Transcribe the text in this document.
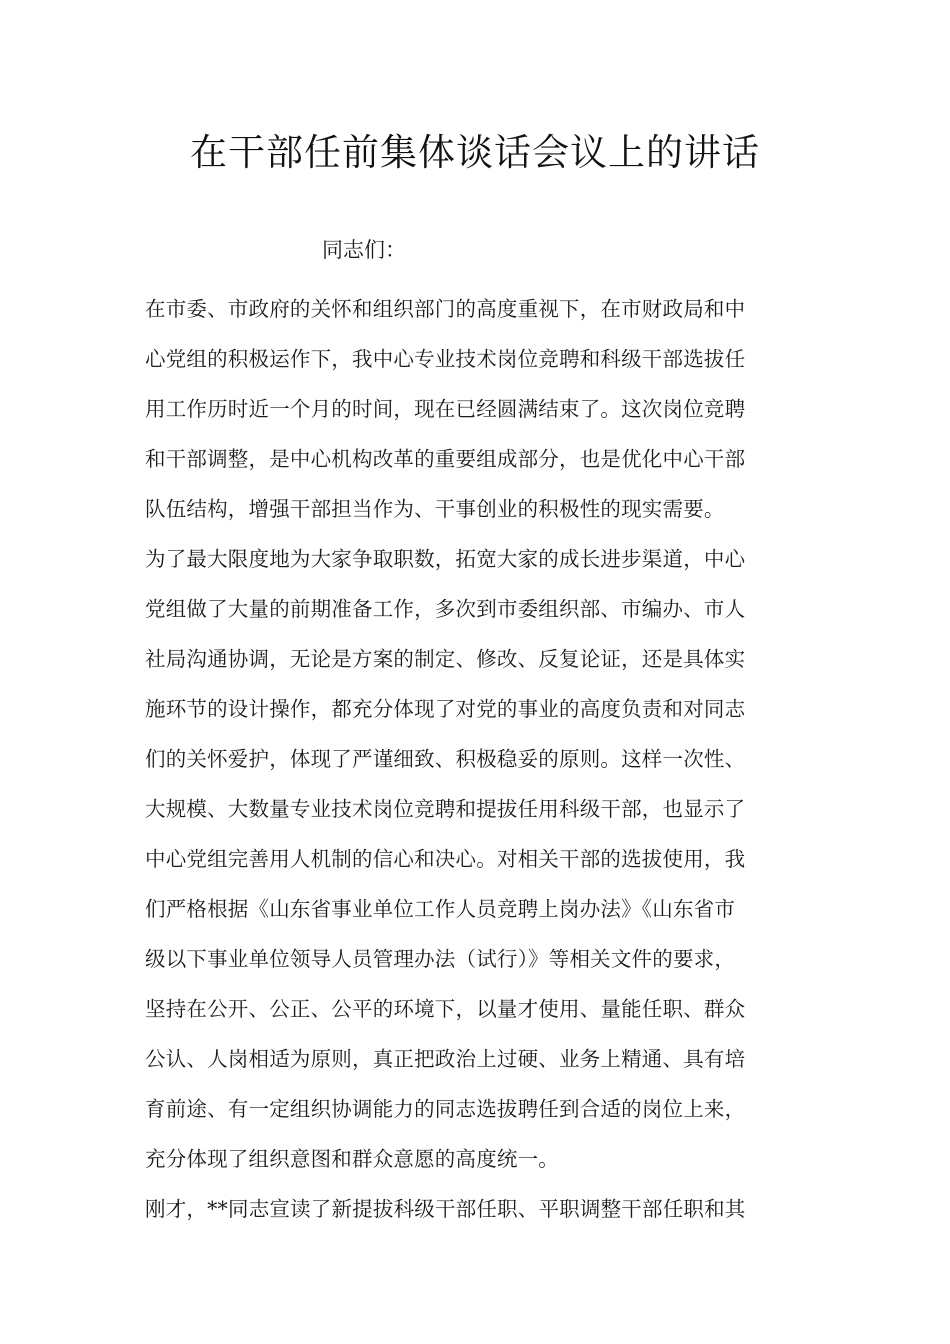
在干部任前集体谈话会议上的讲话

同志们：

在市委、市政府的关怀和组织部门的高度重视下，在市财政局和中
心党组的积极运作下，我中心专业技术岗位竞聘和科级干部选拔任
用工作历时近一个月的时间，现在已经圆满结束了。这次岗位竞聘
和干部调整，是中心机构改革的重要组成部分，也是优化中心干部
队伍结构，增强干部担当作为、干事创业的积极性的现实需要。
为了最大限度地为大家争取职数，拓宽大家的成长进步渠道，中心
党组做了大量的前期准备工作，多次到市委组织部、市编办、市人
社局沟通协调，无论是方案的制定、修改、反复论证，还是具体实
施环节的设计操作，都充分体现了对党的事业的高度负责和对同志
们的关怀爱护，体现了严谨细致、积极稳妥的原则。这样一次性、
大规模、大数量专业技术岗位竞聘和提拔任用科级干部，也显示了
中心党组完善用人机制的信心和决心。对相关干部的选拔使用，我
们严格根据《山东省事业单位工作人员竞聘上岗办法》《山东省市
级以下事业单位领导人员管理办法（试行）》等相关文件的要求，
坚持在公开、公正、公平的环境下，以量才使用、量能任职、群众
公认、人岗相适为原则，真正把政治上过硬、业务上精通、具有培
育前途、有一定组织协调能力的同志选拔聘任到合适的岗位上来，
充分体现了组织意图和群众意愿的高度统一。
刚才，**同志宣读了新提拔科级干部任职、平职调整干部任职和其
